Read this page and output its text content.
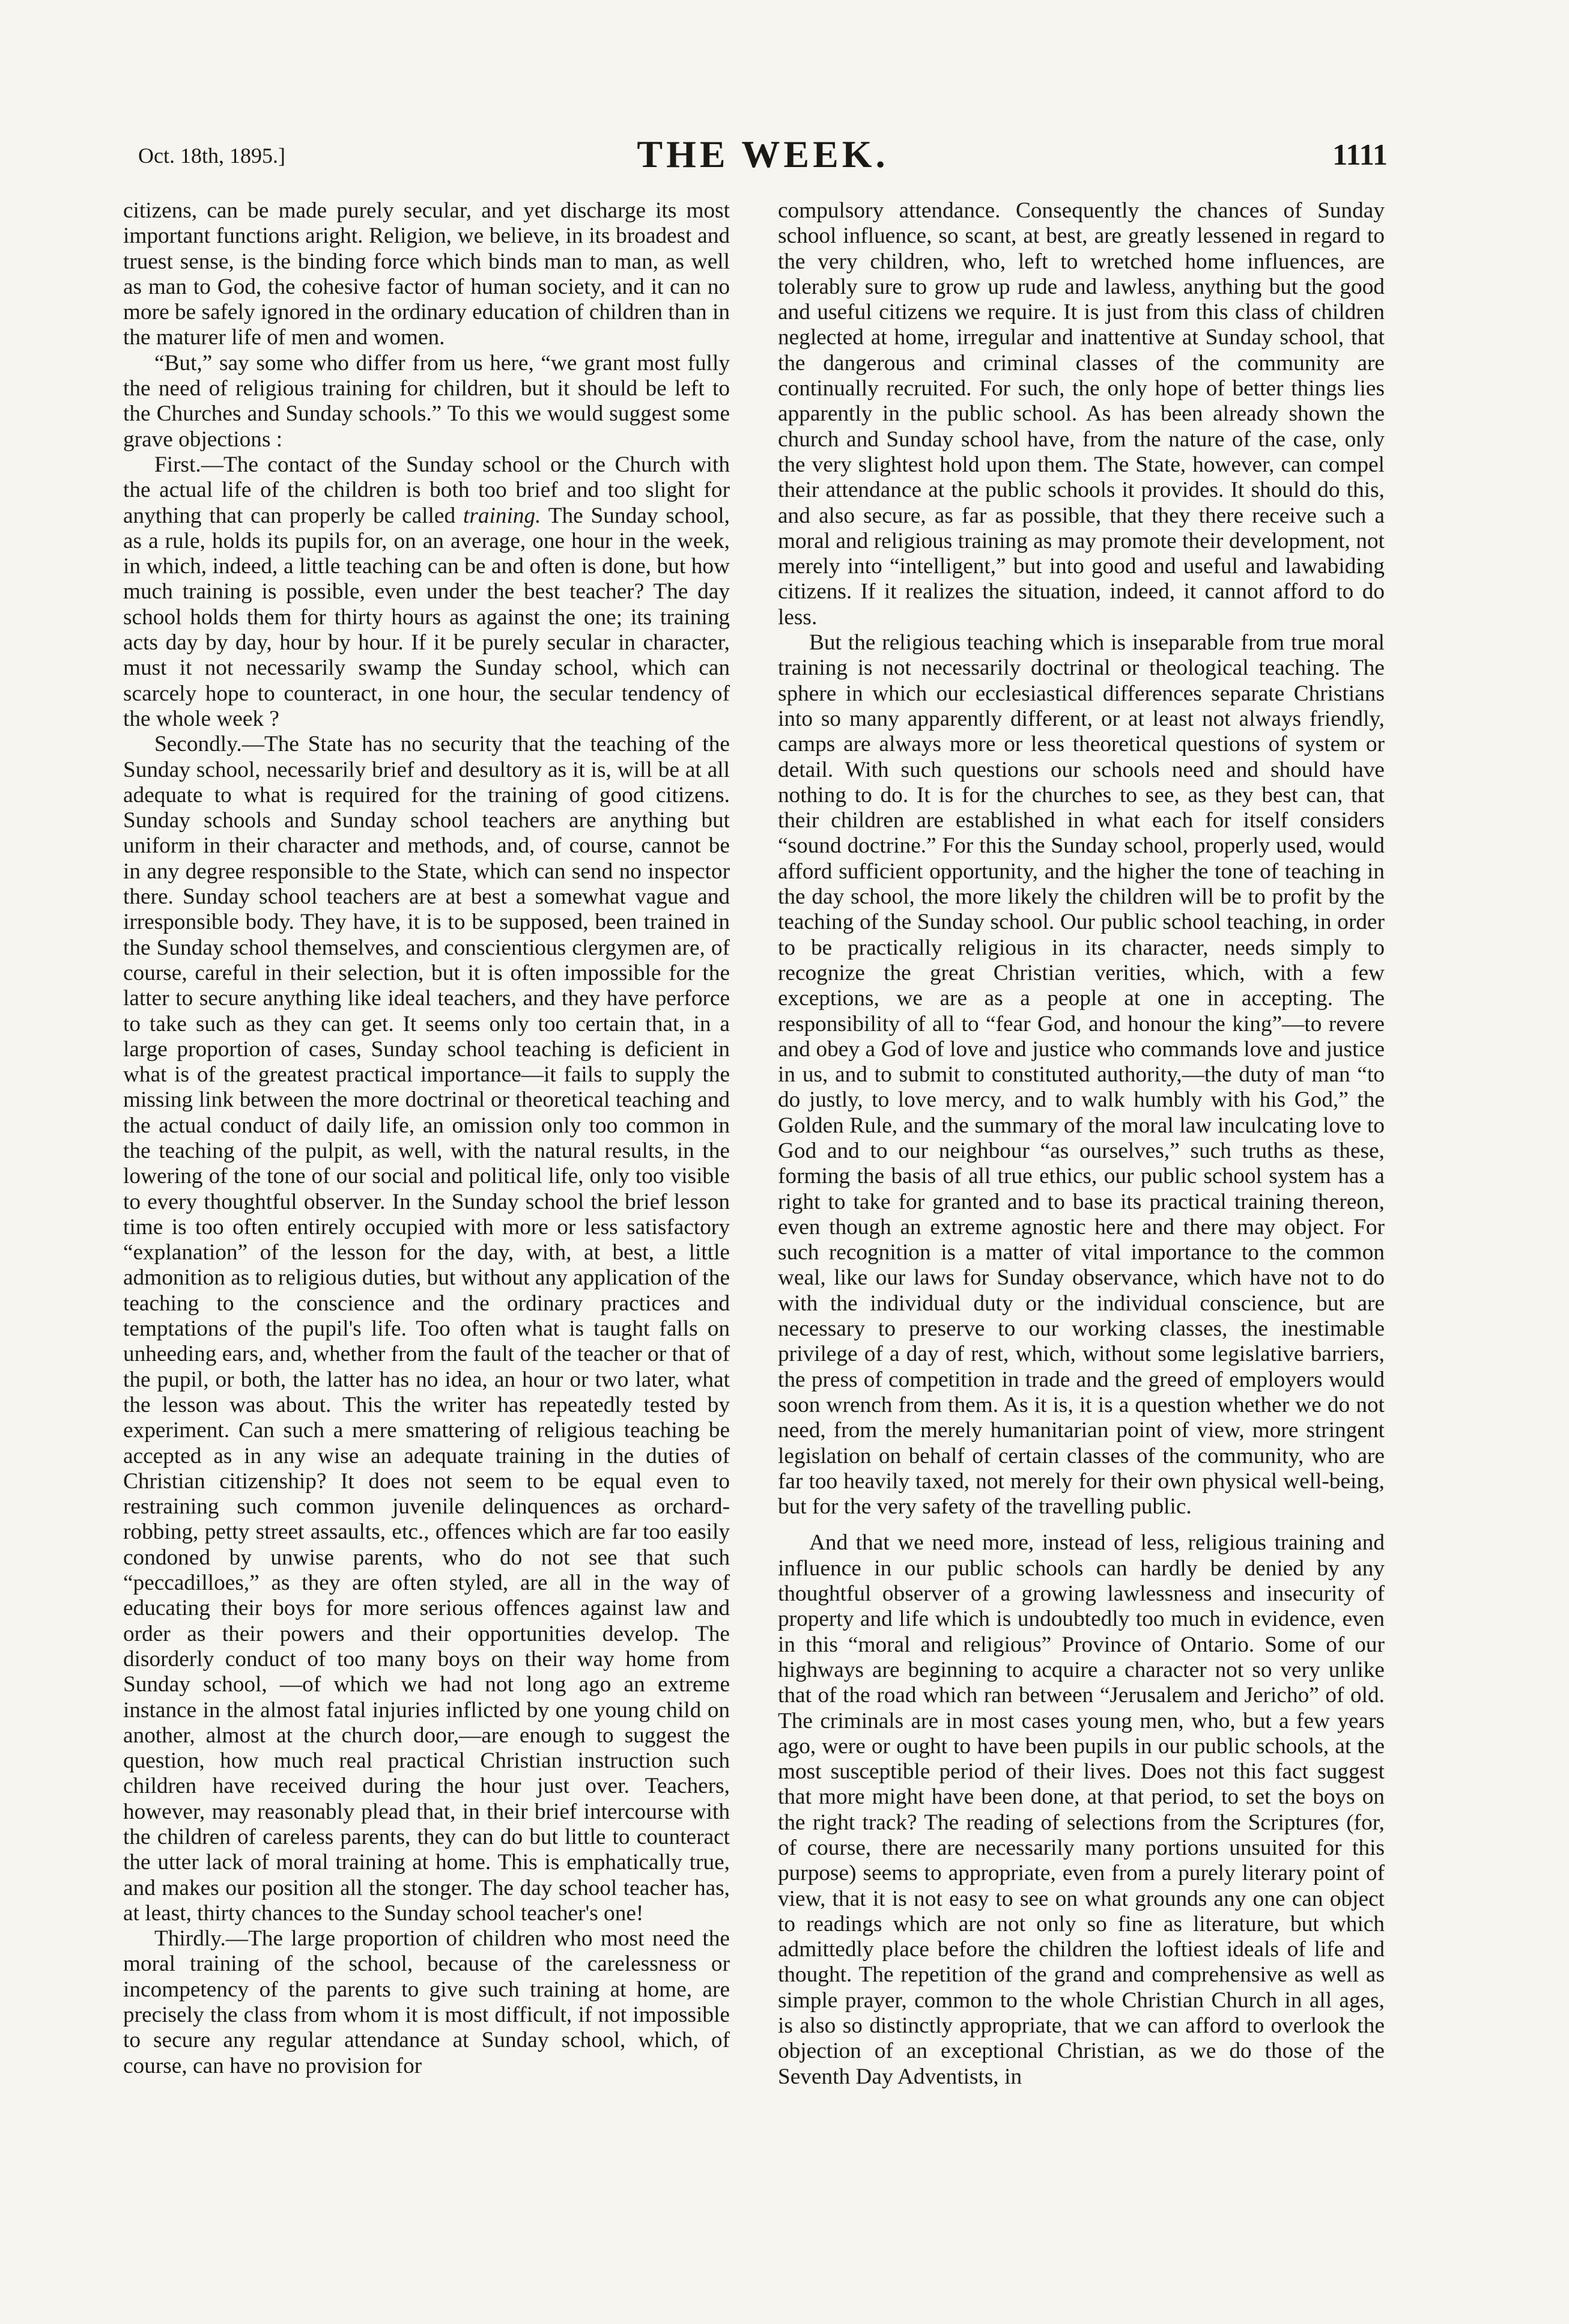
Oct. 18th, 1895.]	THE WEEK.	1111

citizens, can be made purely secular, and yet discharge its most important functions aright. Religion, we believe, in its broadest and truest sense, is the binding force which binds man to man, as well as man to God, the cohesive factor of human society, and it can no more be safely ignored in the ordinary education of children than in the maturer life of men and women.

“But,” say some who differ from us here, “we grant most fully the need of religious training for children, but it should be left to the Churches and Sunday schools.” To this we would suggest some grave objections :

First.—The contact of the Sunday school or the Church with the actual life of the children is both too brief and too slight for anything that can properly be called training. The Sunday school, as a rule, holds its pupils for, on an average, one hour in the week, in which, indeed, a little teaching can be and often is done, but how much training is possible, even under the best teacher? The day school holds them for thirty hours as against the one; its training acts day by day, hour by hour. If it be purely secular in character, must it not necessarily swamp the Sunday school, which can scarcely hope to counteract, in one hour, the secular tendency of the whole week ?

Secondly.—The State has no security that the teaching of the Sunday school, necessarily brief and desultory as it is, will be at all adequate to what is required for the training of good citizens. Sunday schools and Sunday school teachers are anything but uniform in their character and methods, and, of course, cannot be in any degree responsible to the State, which can send no inspector there. Sunday school teachers are at best a somewhat vague and irresponsible body. They have, it is to be supposed, been trained in the Sunday school themselves, and conscientious clergymen are, of course, careful in their selection, but it is often impossible for the latter to secure anything like ideal teachers, and they have perforce to take such as they can get. It seems only too certain that, in a large proportion of cases, Sunday school teaching is deficient in what is of the greatest practical importance—it fails to supply the missing link between the more doctrinal or theoretical teaching and the actual conduct of daily life, an omission only too common in the teaching of the pulpit, as well, with the natural results, in the lowering of the tone of our social and political life, only too visible to every thoughtful observer. In the Sunday school the brief lesson time is too often entirely occupied with more or less satisfactory “explanation” of the lesson for the day, with, at best, a little admonition as to religious duties, but without any application of the teaching to the conscience and the ordinary practices and temptations of the pupil's life. Too often what is taught falls on unheeding ears, and, whether from the fault of the teacher or that of the pupil, or both, the latter has no idea, an hour or two later, what the lesson was about. This the writer has repeatedly tested by experiment. Can such a mere smattering of religious teaching be accepted as in any wise an adequate training in the duties of Christian citizenship? It does not seem to be equal even to restraining such common juvenile delinquences as orchard-robbing, petty street assaults, etc., offences which are far too easily condoned by unwise parents, who do not see that such “peccadilloes,” as they are often styled, are all in the way of educating their boys for more serious offences against law and order as their powers and their opportunities develop. The disorderly conduct of too many boys on their way home from Sunday school, —of which we had not long ago an extreme instance in the almost fatal injuries inflicted by one young child on another, almost at the church door,—are enough to suggest the question, how much real practical Christian instruction such children have received during the hour just over. Teachers, however, may reasonably plead that, in their brief intercourse with the children of careless parents, they can do but little to counteract the utter lack of moral training at home. This is emphatically true, and makes our position all the stonger. The day school teacher has, at least, thirty chances to the Sunday school teacher's one!

Thirdly.—The large proportion of children who most need the moral training of the school, because of the carelessness or incompetency of the parents to give such training at home, are precisely the class from whom it is most difficult, if not impossible to secure any regular attendance at Sunday school, which, of course, can have no provision for

compulsory attendance. Consequently the chances of Sunday school influence, so scant, at best, are greatly lessened in regard to the very children, who, left to wretched home influences, are tolerably sure to grow up rude and lawless, anything but the good and useful citizens we require. It is just from this class of children neglected at home, irregular and inattentive at Sunday school, that the dangerous and criminal classes of the community are continually recruited. For such, the only hope of better things lies apparently in the public school. As has been already shown the church and Sunday school have, from the nature of the case, only the very slightest hold upon them. The State, however, can compel their attendance at the public schools it provides. It should do this, and also secure, as far as possible, that they there receive such a moral and religious training as may promote their development, not merely into “intelligent,” but into good and useful and lawabiding citizens. If it realizes the situation, indeed, it cannot afford to do less.

But the religious teaching which is inseparable from true moral training is not necessarily doctrinal or theological teaching. The sphere in which our ecclesiastical differences separate Christians into so many apparently different, or at least not always friendly, camps are always more or less theoretical questions of system or detail. With such questions our schools need and should have nothing to do. It is for the churches to see, as they best can, that their children are established in what each for itself considers “sound doctrine.” For this the Sunday school, properly used, would afford sufficient opportunity, and the higher the tone of teaching in the day school, the more likely the children will be to profit by the teaching of the Sunday school. Our public school teaching, in order to be practically religious in its character, needs simply to recognize the great Christian verities, which, with a few exceptions, we are as a people at one in accepting. The responsibility of all to “fear God, and honour the king”—to revere and obey a God of love and justice who commands love and justice in us, and to submit to constituted authority,—the duty of man “to do justly, to love mercy, and to walk humbly with his God,” the Golden Rule, and the summary of the moral law inculcating love to God and to our neighbour “as ourselves,” such truths as these, forming the basis of all true ethics, our public school system has a right to take for granted and to base its practical training thereon, even though an extreme agnostic here and there may object. For such recognition is a matter of vital importance to the common weal, like our laws for Sunday observance, which have not to do with the individual duty or the individual conscience, but are necessary to preserve to our working classes, the inestimable privilege of a day of rest, which, without some legislative barriers, the press of competition in trade and the greed of employers would soon wrench from them. As it is, it is a question whether we do not need, from the merely humanitarian point of view, more stringent legislation on behalf of certain classes of the community, who are far too heavily taxed, not merely for their own physical well-being, but for the very safety of the travelling public.

And that we need more, instead of less, religious training and influence in our public schools can hardly be denied by any thoughtful observer of a growing lawlessness and insecurity of property and life which is undoubtedly too much in evidence, even in this “moral and religious” Province of Ontario. Some of our highways are beginning to acquire a character not so very unlike that of the road which ran between “Jerusalem and Jericho” of old. The criminals are in most cases young men, who, but a few years ago, were or ought to have been pupils in our public schools, at the most susceptible period of their lives. Does not this fact suggest that more might have been done, at that period, to set the boys on the right track? The reading of selections from the Scriptures (for, of course, there are necessarily many portions unsuited for this purpose) seems to appropriate, even from a purely literary point of view, that it is not easy to see on what grounds any one can object to readings which are not only so fine as literature, but which admittedly place before the children the loftiest ideals of life and thought. The repetition of the grand and comprehensive as well as simple prayer, common to the whole Christian Church in all ages, is also so distinctly appropriate, that we can afford to overlook the objection of an exceptional Christian, as we do those of the Seventh Day Adventists, in
